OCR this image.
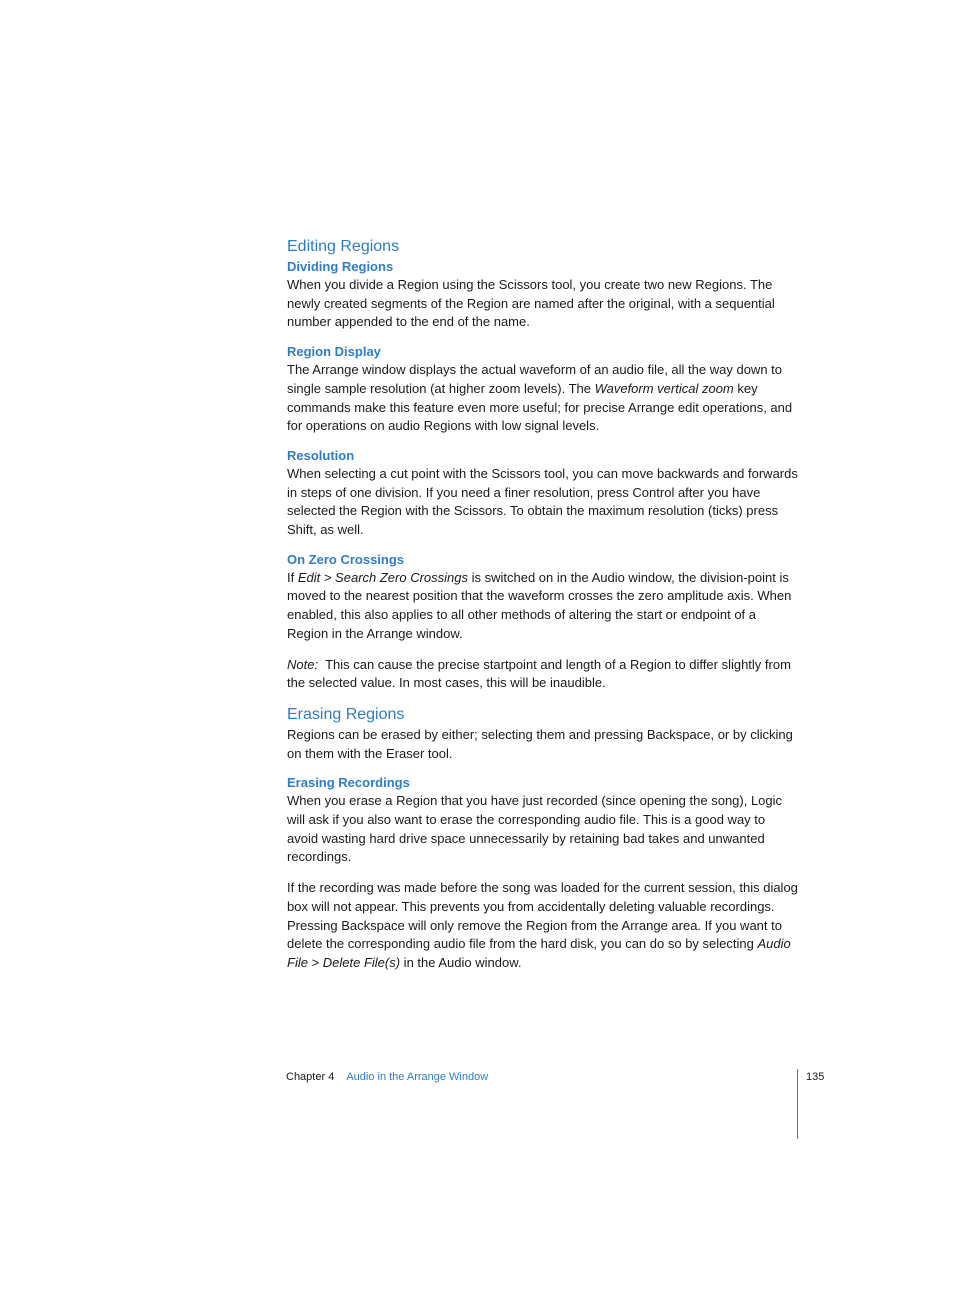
Editing Regions
Dividing Regions

When you divide a Region using the Scissors tool, you create two new Regions. The newly created segments of the Region are named after the original, with a sequential number appended to the end of the name.

Region Display

The Arrange window displays the actual waveform of an audio file, all the way down to single sample resolution (at higher zoom levels). The Waveform vertical zoom key commands make this feature even more useful; for precise Arrange edit operations, and for operations on audio Regions with low signal levels.

Resolution

When selecting a cut point with the Scissors tool, you can move backwards and forwards in steps of one division. If you need a finer resolution, press Control after you have selected the Region with the Scissors. To obtain the maximum resolution (ticks) press Shift, as well.

On Zero Crossings

If Edit > Search Zero Crossings is switched on in the Audio window, the division-point is moved to the nearest position that the waveform crosses the zero amplitude axis. When enabled, this also applies to all other methods of altering the start or endpoint of a Region in the Arrange window.

Note:  This can cause the precise startpoint and length of a Region to differ slightly from the selected value. In most cases, this will be inaudible.

Erasing Regions

Regions can be erased by either; selecting them and pressing Backspace, or by clicking on them with the Eraser tool.

Erasing Recordings

When you erase a Region that you have just recorded (since opening the song), Logic will ask if you also want to erase the corresponding audio file. This is a good way to avoid wasting hard drive space unnecessarily by retaining bad takes and unwanted recordings.

If the recording was made before the song was loaded for the current session, this dialog box will not appear. This prevents you from accidentally deleting valuable recordings. Pressing Backspace will only remove the Region from the Arrange area. If you want to delete the corresponding audio file from the hard disk, you can do so by selecting Audio File > Delete File(s) in the Audio window.

Chapter 4 Audio in the Arrange Window	135
